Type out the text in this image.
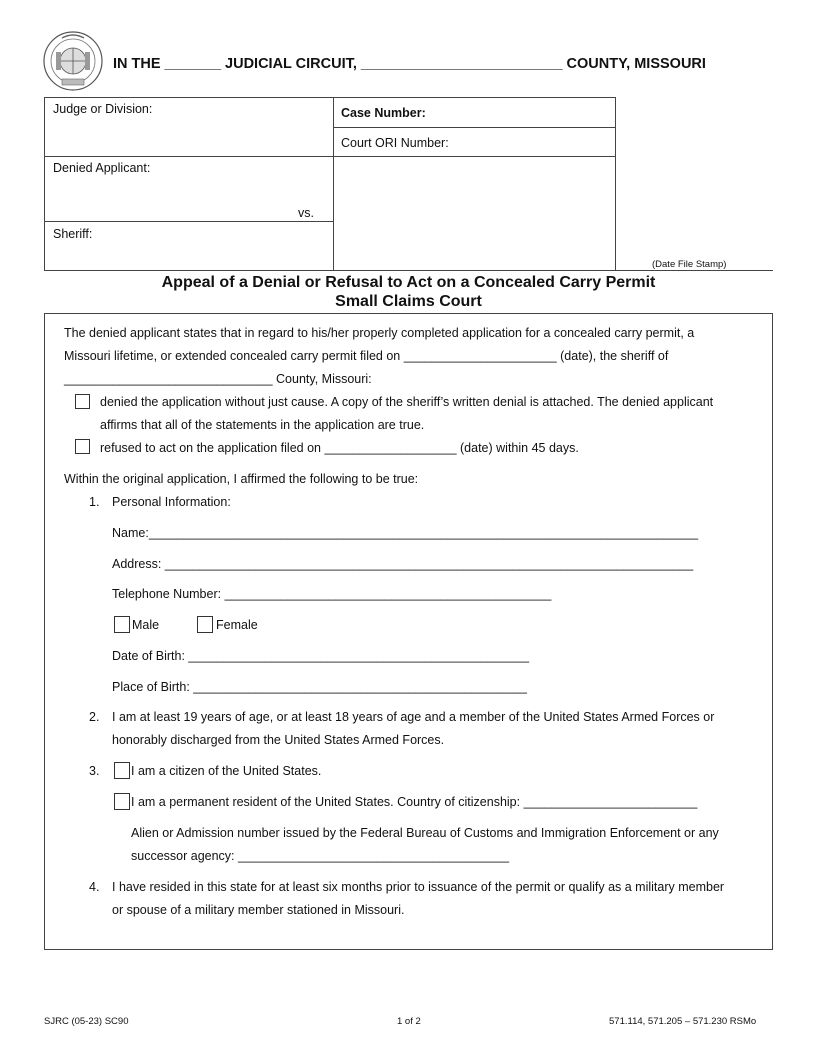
IN THE _______ JUDICIAL CIRCUIT, _________________________ COUNTY, MISSOURI
Judge or Division:
Denied Applicant:
vs.
Sheriff:
Case Number:
Court ORI Number:
(Date File Stamp)
Appeal of a Denial or Refusal to Act on a Concealed Carry Permit
Small Claims Court
The denied applicant states that in regard to his/her properly completed application for a concealed carry permit, a
Missouri lifetime, or extended concealed carry permit filed on ______________________ (date), the sheriff of
______________________________ County, Missouri:
denied the application without just cause. A copy of the sheriff’s written denial is attached. The denied applicant
affirms that all of the statements in the application are true.
refused to act on the application filed on ___________________ (date) within 45 days.
Within the original application, I affirmed the following to be true:
1. Personal Information:
Name:_______________________________________________________________________________
Address: ____________________________________________________________________________
Telephone Number: _______________________________________________
Male	Female
Date of Birth: _________________________________________________
Place of Birth: ________________________________________________
2. I am at least 19 years of age, or at least 18 years of age and a member of the United States Armed Forces or
honorably discharged from the United States Armed Forces.
3.	I am a citizen of the United States.
I am a permanent resident of the United States. Country of citizenship: _________________________
Alien or Admission number issued by the Federal Bureau of Customs and Immigration Enforcement or any
successor agency: _______________________________________
4. I have resided in this state for at least six months prior to issuance of the permit or qualify as a military member
or spouse of a military member stationed in Missouri.
SJRC (05-23) SC90	1 of 2	571.114, 571.205 – 571.230 RSMo
